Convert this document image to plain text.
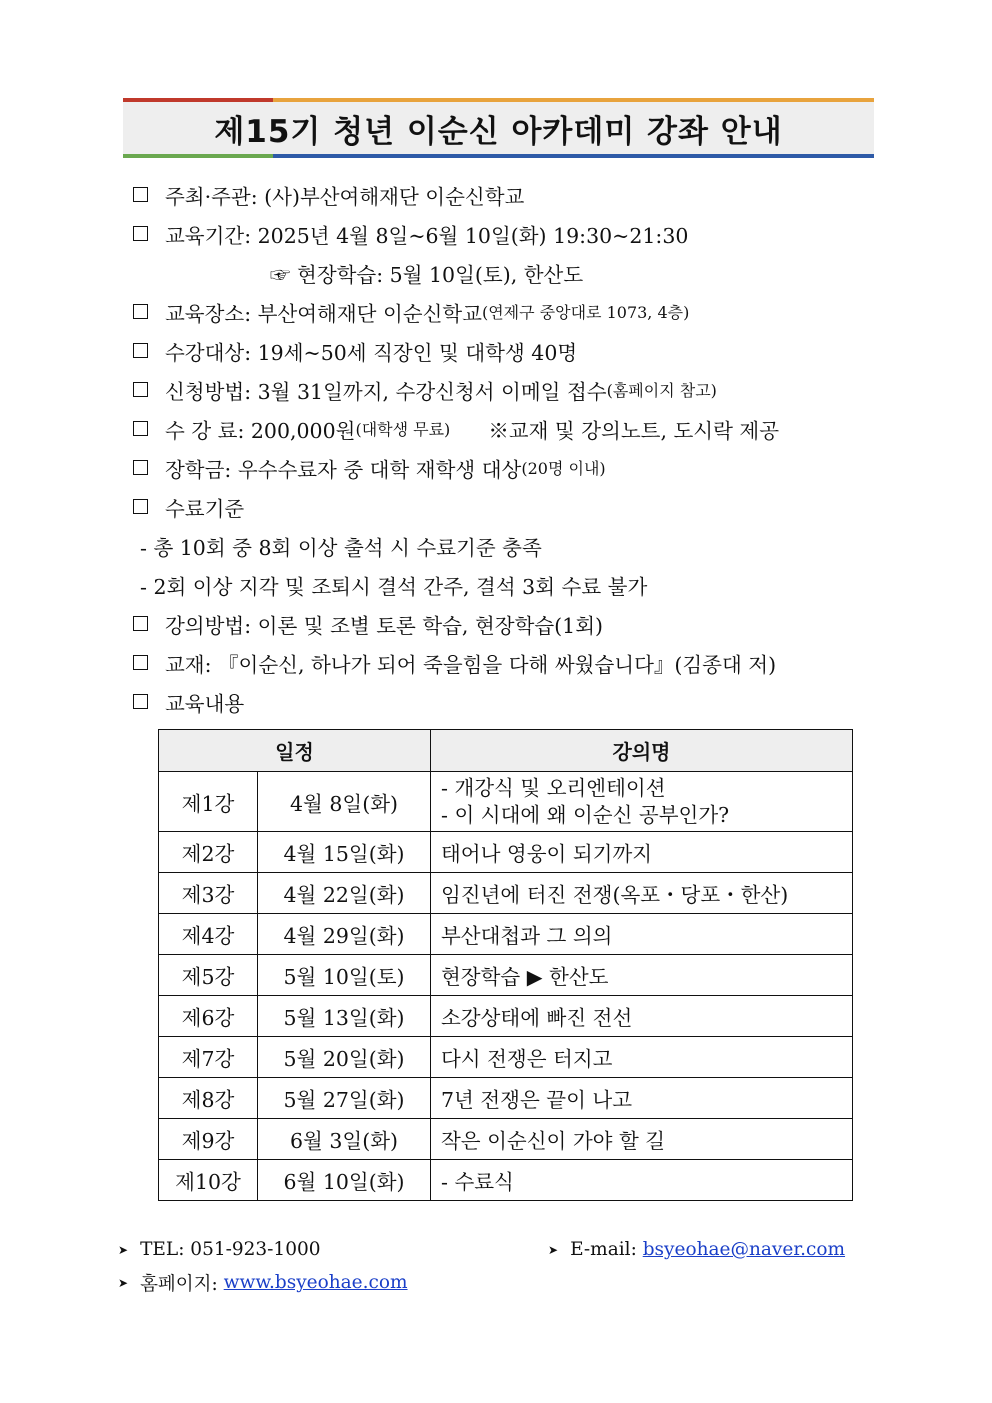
제15기 청년 이순신 아카데미 강좌 안내
주최·주관: (사)부산여해재단 이순신학교
교육기간: 2025년 4월 8일~6월 10일(화) 19:30~21:30
☞ 현장학습: 5월 10일(토), 한산도
교육장소: 부산여해재단 이순신학교 (연제구 중앙대로 1073, 4층)
수강대상: 19세~50세 직장인 및 대학생 40명
신청방법: 3월 31일까지, 수강신청서 이메일 접수 (홈페이지 참고)
수 강 료: 200,000원 (대학생 무료) ※교재 및 강의노트, 도시락 제공
장학금: 우수수료자 중 대학 재학생 대상 (20명 이내)
수료기준
- 총 10회 중 8회 이상 출석 시 수료기준 충족
- 2회 이상 지각 및 조퇴시 결석 간주, 결석 3회 수료 불가
강의방법: 이론 및 조별 토론 학습, 현장학습(1회)
교재: 『이순신, 하나가 되어 죽을힘을 다해 싸웠습니다』(김종대 저)
교육내용
일정		강의명
제1강	4월 8일(화)	- 개강식 및 오리엔테이션
- 이 시대에 왜 이순신 공부인가?

제2강	4월 15일(화)	태어나 영웅이 되기까지
제3강	4월 22일(화)	임진년에 터진 전쟁(옥포・당포・한산)
제4강	4월 29일(화)	부산대첩과 그 의의
제5강	5월 10일(토)	현장학습 ▶ 한산도
제6강	5월 13일(화)	소강상태에 빠진 전선
제7강	5월 20일(화)	다시 전쟁은 터지고
제8강	5월 27일(화)	7년 전쟁은 끝이 나고
제9강	6월 3일(화)	작은 이순신이 가야 할 길
제10강	6월 10일(화)	- 수료식
➤ TEL: 051-923-1000	➤ E-mail:
bsyeohae@naver.com
➤ 홈페이지:
www.bsyeohae.com
